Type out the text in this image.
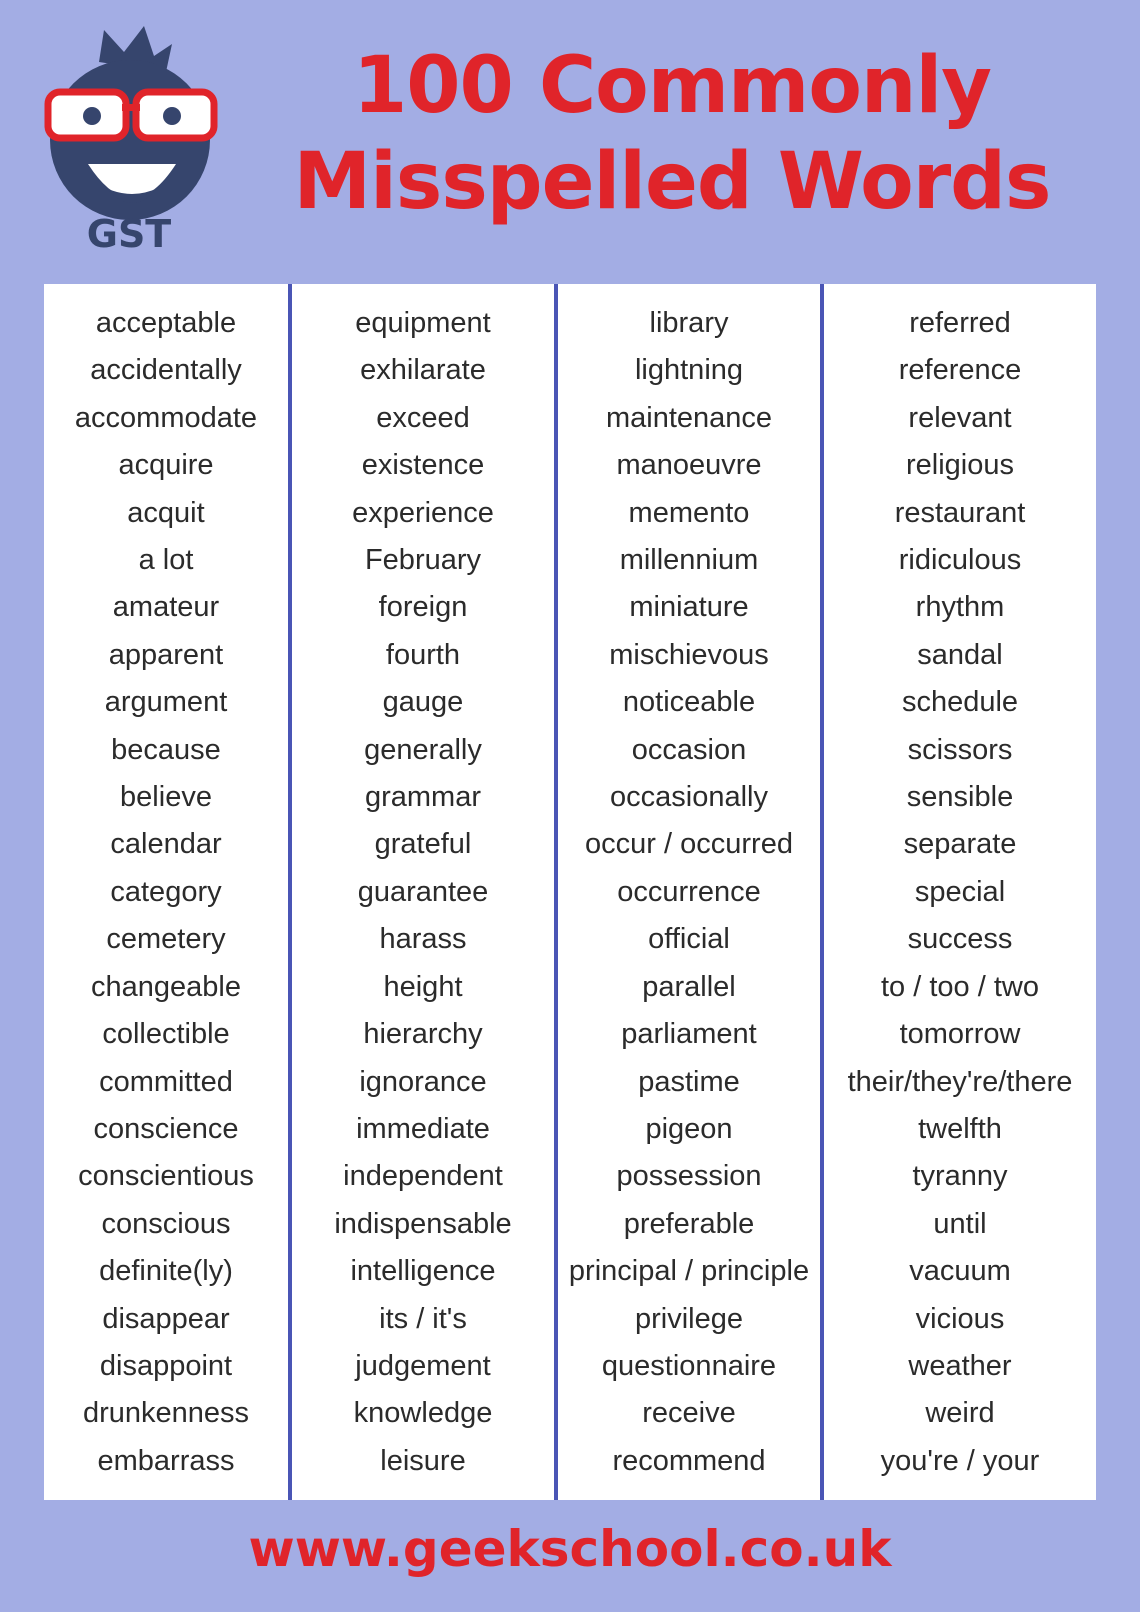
GST
100 Commonly
Misspelled Words
acceptable
accidentally
accommodate
acquire
acquit
a lot
amateur
apparent
argument
because
believe
calendar
category
cemetery
changeable
collectible
committed
conscience
conscientious
conscious
definite(ly)
disappear
disappoint
drunkenness
embarrass
equipment
exhilarate
exceed
existence
experience
February
foreign
fourth
gauge
generally
grammar
grateful
guarantee
harass
height
hierarchy
ignorance
immediate
independent
indispensable
intelligence
its / it's
judgement
knowledge
leisure
library
lightning
maintenance
manoeuvre
memento
millennium
miniature
mischievous
noticeable
occasion
occasionally
occur / occurred
occurrence
official
parallel
parliament
pastime
pigeon
possession
preferable
principal / principle
privilege
questionnaire
receive
recommend
referred
reference
relevant
religious
restaurant
ridiculous
rhythm
sandal
schedule
scissors
sensible
separate
special
success
to / too / two
tomorrow
their/they're/there
twelfth
tyranny
until
vacuum
vicious
weather
weird
you're / your

www.geekschool.co.uk
